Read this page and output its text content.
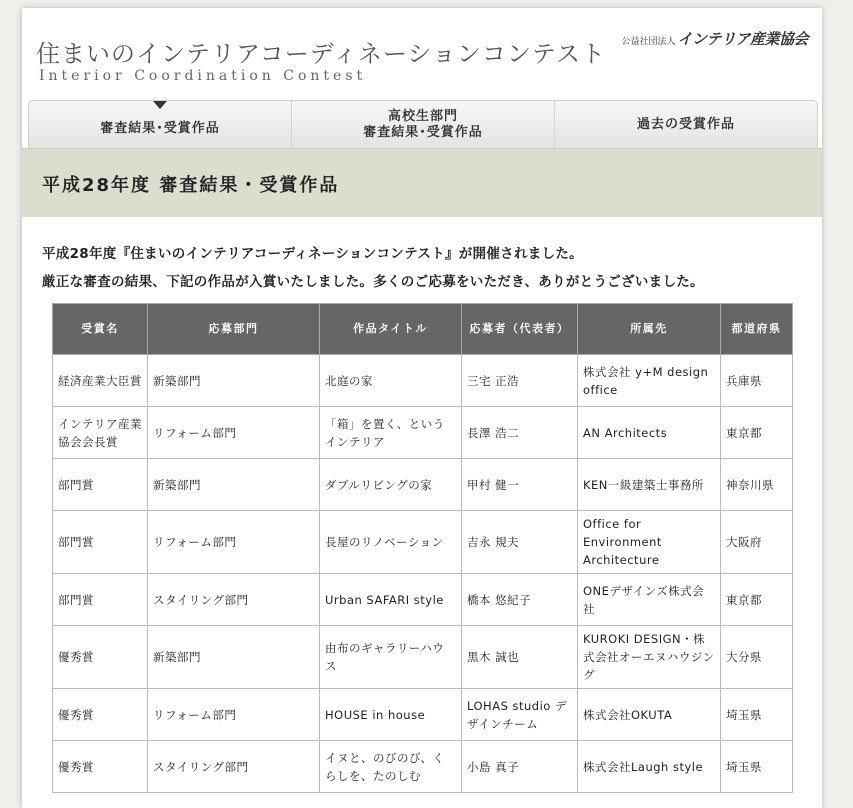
住まいのインテリアコーディネーションコンテスト
Interior Coordination Contest
公益社団法人 インテリア産業協会
審査結果･受賞作品
高校生部門
審査結果･受賞作品
過去の受賞作品
平成28年度 審査結果・受賞作品

平成28年度『住まいのインテリアコーディネーションコンテスト』が開催されました。

厳正な審査の結果、下記の作品が入賞いたしました。多くのご応募をいただき、ありがとうございました。

受賞名	応募部門	作品タイトル	応募者（代表者）	所属先	都道府県
経済産業大臣賞	新築部門	北庭の家	三宅 正浩	株式会社 y+M design office	兵庫県
インテリア産業協会会長賞	リフォーム部門	「箱」を置く、というインテリア	長澤 浩二	AN Architects	東京都
部門賞	新築部門	ダブルリビングの家	甲村 健一	KEN一級建築士事務所	神奈川県
部門賞	リフォーム部門	長屋のリノベーション	吉永 規夫	Office for Environment Architecture	大阪府
部門賞	スタイリング部門	Urban SAFARI style	橋本 悠紀子	ONEデザインズ株式会社	東京都
優秀賞	新築部門	由布のギャラリーハウス	黒木 誠也	KUROKI DESIGN・株式会社オーエヌハウジング	大分県
優秀賞	リフォーム部門	HOUSE in house	LOHAS studio デザインチーム	株式会社OKUTA	埼玉県
優秀賞	スタイリング部門	イヌと、のびのび、くらしを、たのしむ	小島 真子	株式会社Laugh style	埼玉県
